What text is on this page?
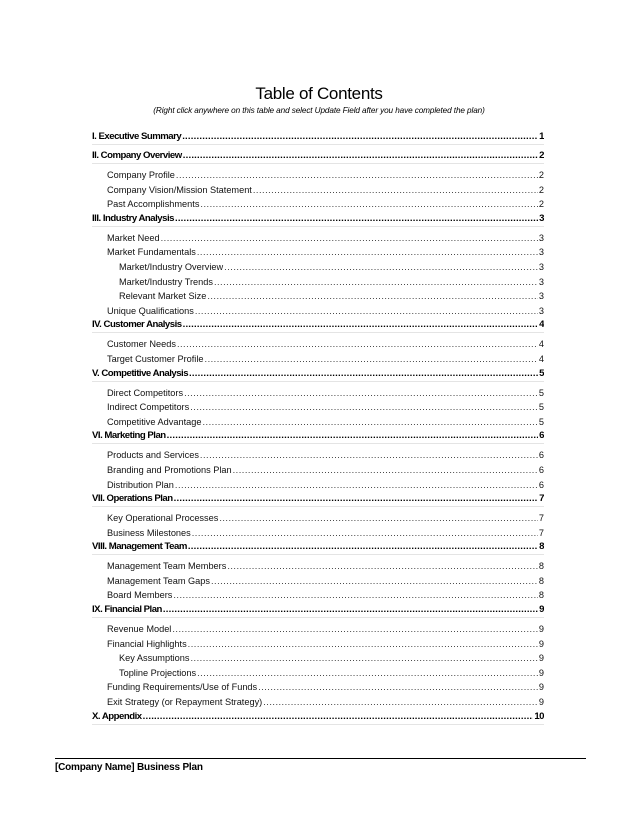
Table of Contents
(Right click anywhere on this table and select Update Field after you have completed the plan)
I. Executive Summary .....	1
II. Company Overview .....	2
Company Profile .....	2
Company Vision/Mission Statement .....	2
Past Accomplishments .....	2
III. Industry Analysis .....	3
Market Need .....	3
Market Fundamentals .....	3
Market/Industry Overview .....	3
Market/Industry Trends .....	3
Relevant Market Size .....	3
Unique Qualifications .....	3
IV. Customer Analysis .....	4
Customer Needs .....	4
Target Customer Profile .....	4
V. Competitive Analysis .....	5
Direct Competitors .....	5
Indirect Competitors .....	5
Competitive Advantage .....	5
VI. Marketing Plan .....	6
Products and Services .....	6
Branding and Promotions Plan .....	6
Distribution Plan .....	6
VII. Operations Plan .....	7
Key Operational Processes .....	7
Business Milestones .....	7
VIII. Management Team .....	8
Management Team Members .....	8
Management Team Gaps .....	8
Board Members .....	8
IX. Financial Plan .....	9
Revenue Model .....	9
Financial Highlights .....	9
Key Assumptions .....	9
Topline Projections .....	9
Funding Requirements/Use of Funds .....	9
Exit Strategy (or Repayment Strategy) .....	9
X. Appendix .....	10
[Company Name] Business Plan
